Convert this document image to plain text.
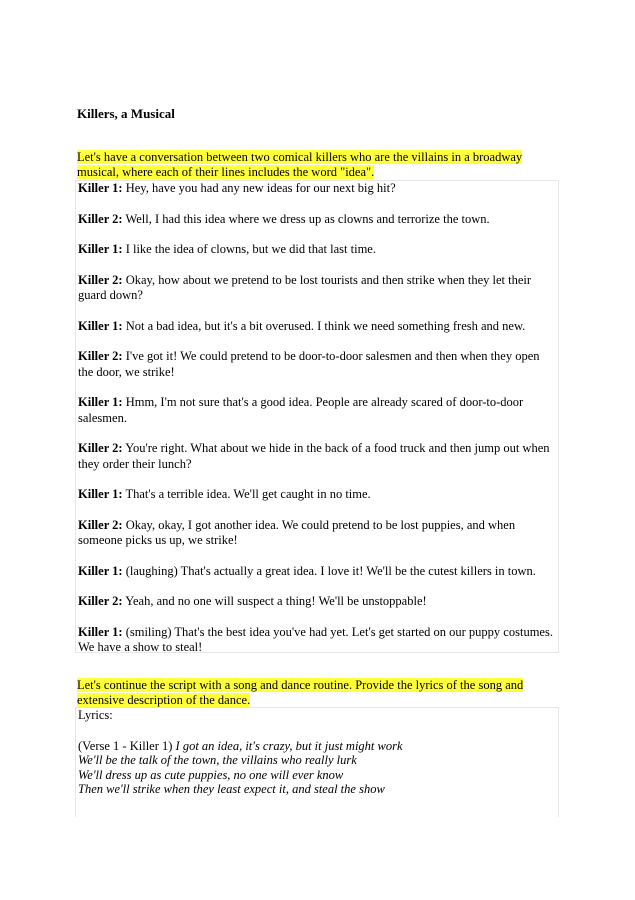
Killers, a Musical
Let's have a conversation between two comical killers who are the villains in a broadway musical, where each of their lines includes the word "idea".

Killer 1: Hey, have you had any new ideas for our next big hit?

Killer 2: Well, I had this idea where we dress up as clowns and terrorize the town.

Killer 1: I like the idea of clowns, but we did that last time.

Killer 2: Okay, how about we pretend to be lost tourists and then strike when they let their guard down?

Killer 1: Not a bad idea, but it's a bit overused. I think we need something fresh and new.

Killer 2: I've got it! We could pretend to be door-to-door salesmen and then when they open the door, we strike!

Killer 1: Hmm, I'm not sure that's a good idea. People are already scared of door-to-door salesmen.

Killer 2: You're right. What about we hide in the back of a food truck and then jump out when they order their lunch?

Killer 1: That's a terrible idea. We'll get caught in no time.

Killer 2: Okay, okay, I got another idea. We could pretend to be lost puppies, and when someone picks us up, we strike!

Killer 1: (laughing) That's actually a great idea. I love it! We'll be the cutest killers in town.

Killer 2: Yeah, and no one will suspect a thing! We'll be unstoppable!

Killer 1: (smiling) That's the best idea you've had yet. Let's get started on our puppy costumes. We have a show to steal!

Let's continue the script with a song and dance routine. Provide the lyrics of the song and extensive description of the dance.

Lyrics:

(Verse 1 - Killer 1) I got an idea, it's crazy, but it just might work

We'll be the talk of the town, the villains who really lurk

We'll dress up as cute puppies, no one will ever know

Then we'll strike when they least expect it, and steal the show
